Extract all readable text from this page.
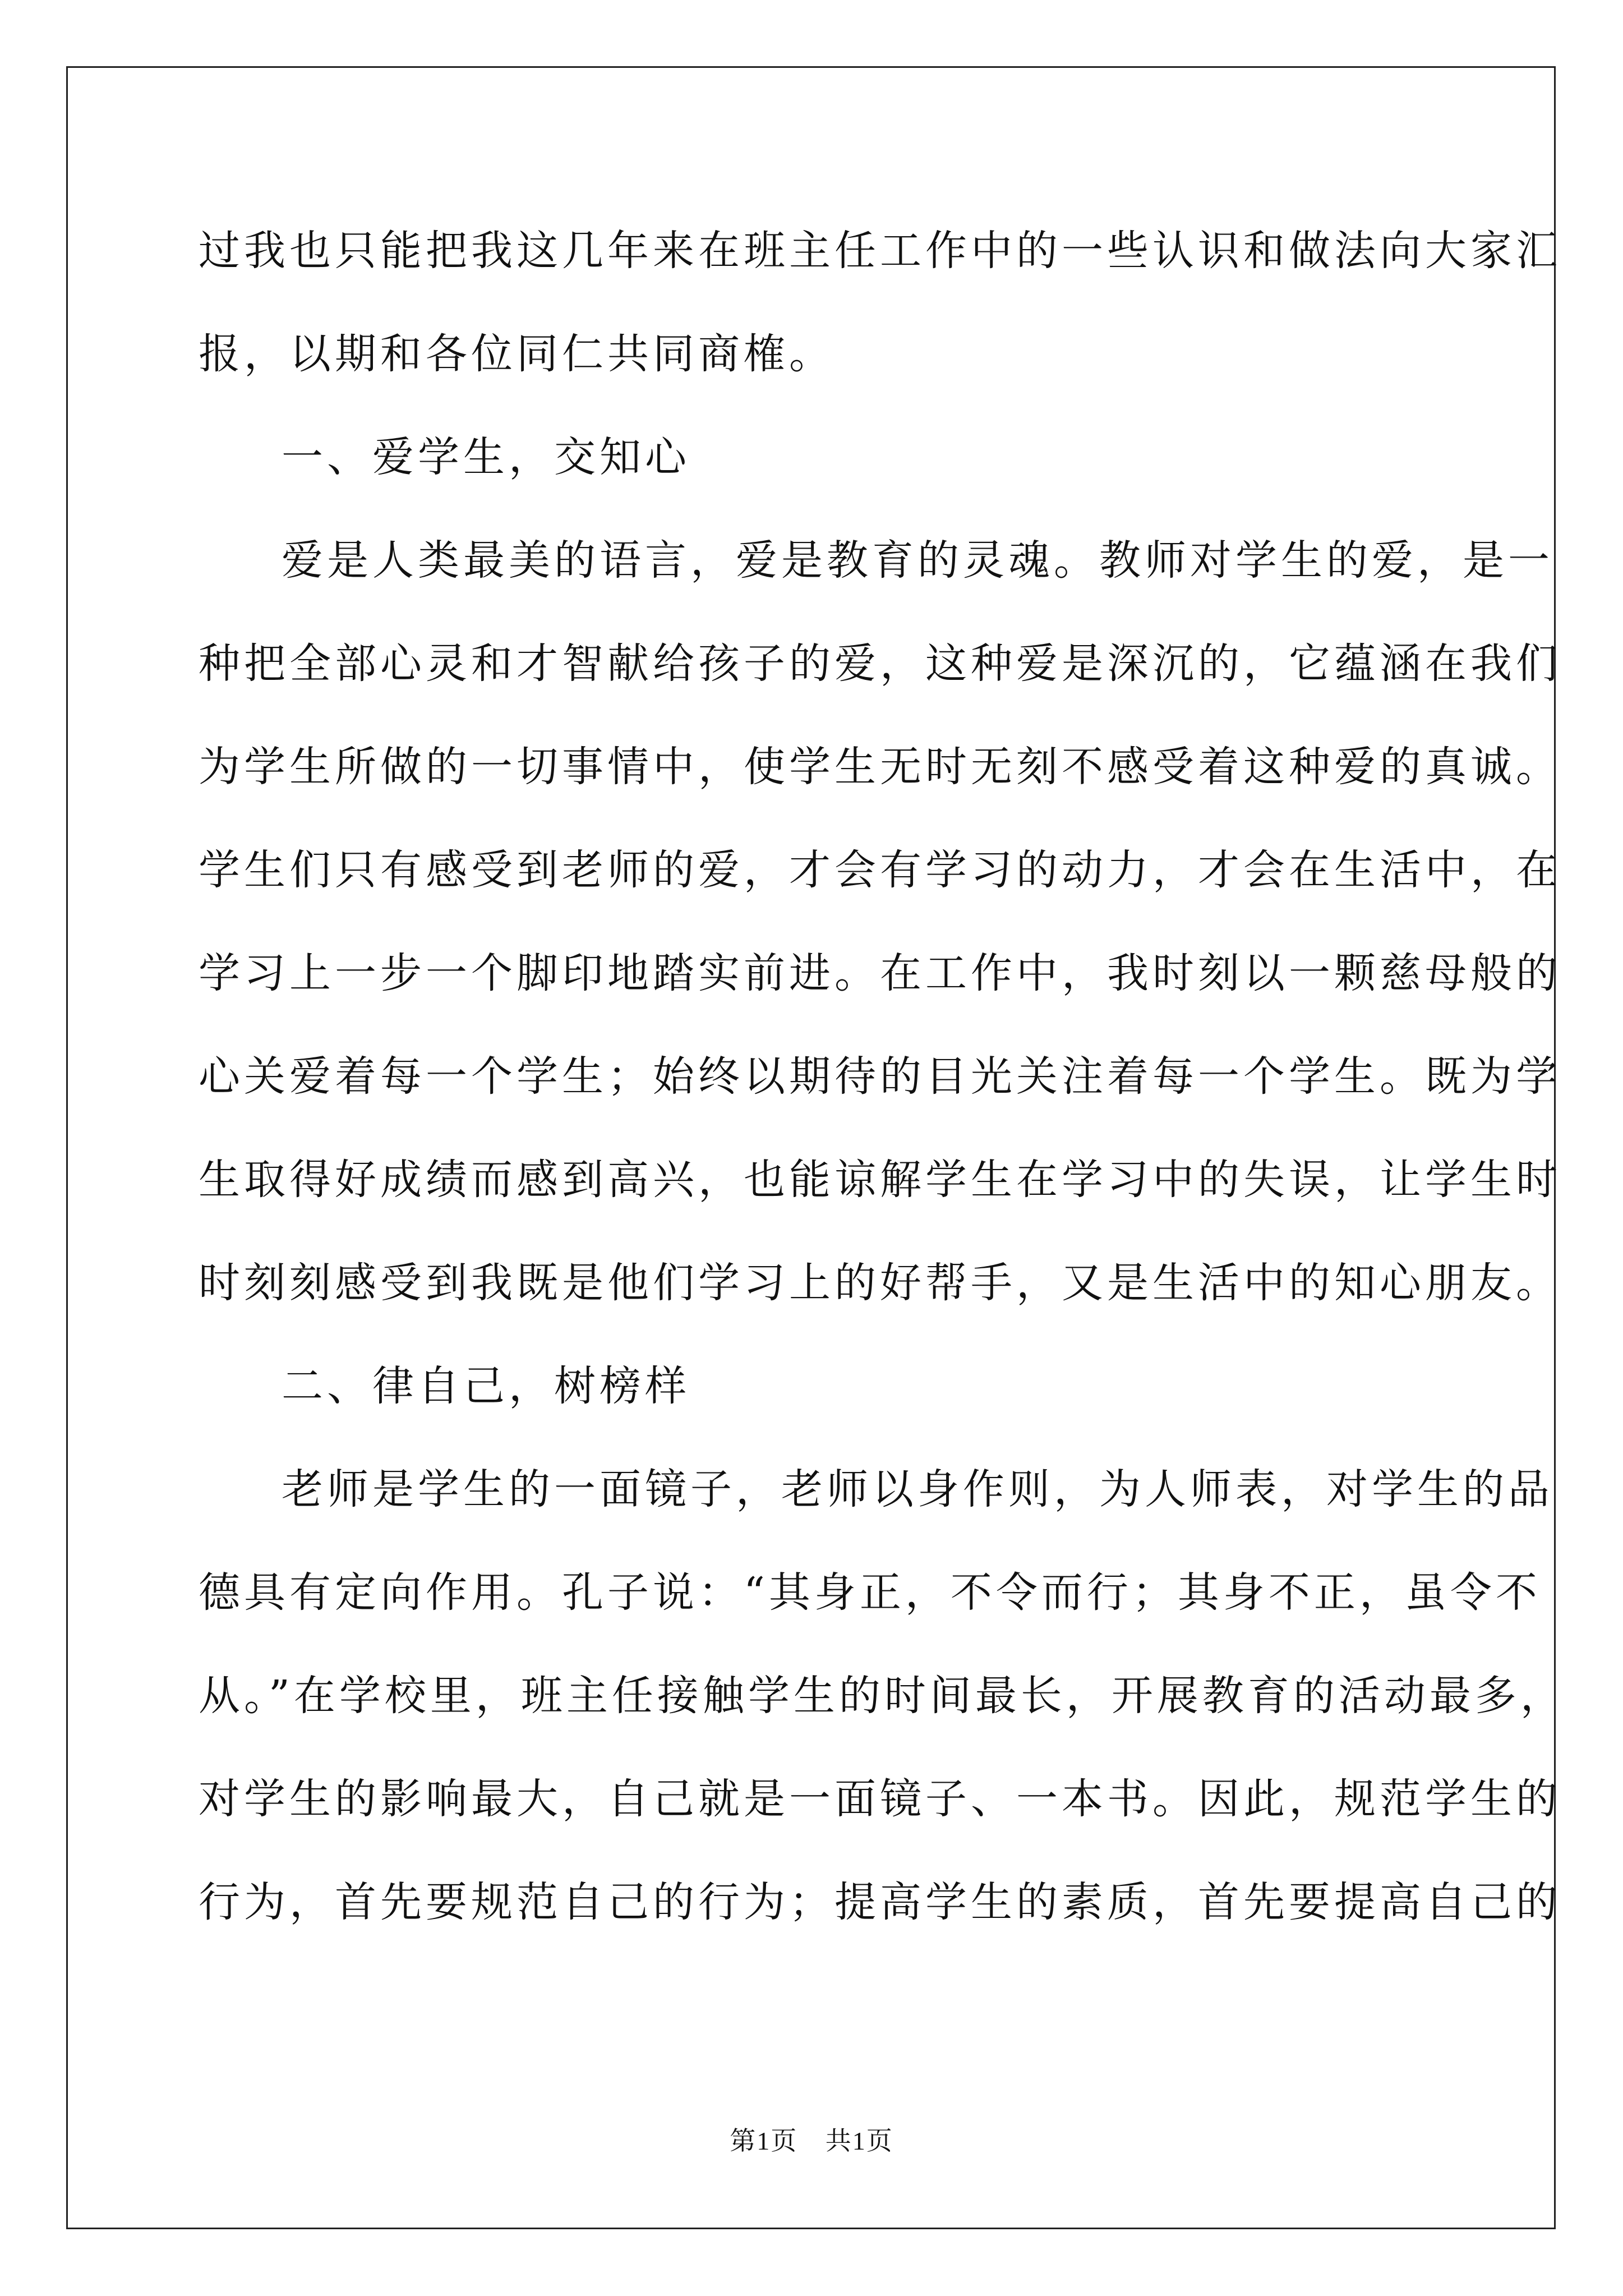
过我也只能把我这几年来在班主任工作中的一些认识和做法向大家汇
报，以期和各位同仁共同商榷。
一、爱学生，交知心
爱是人类最美的语言，爱是教育的灵魂。教师对学生的爱，是一
种把全部心灵和才智献给孩子的爱，这种爱是深沉的，它蕴涵在我们
为学生所做的一切事情中，使学生无时无刻不感受着这种爱的真诚。
学生们只有感受到老师的爱，才会有学习的动力，才会在生活中，在
学习上一步一个脚印地踏实前进。在工作中，我时刻以一颗慈母般的
心关爱着每一个学生；始终以期待的目光关注着每一个学生。既为学
生取得好成绩而感到高兴，也能谅解学生在学习中的失误，让学生时
时刻刻感受到我既是他们学习上的好帮手，又是生活中的知心朋友。
二、律自己，树榜样
老师是学生的一面镜子，老师以身作则，为人师表，对学生的品
德具有定向作用。孔子说：“其身正，不令而行；其身不正，虽令不
从。”在学校里，班主任接触学生的时间最长，开展教育的活动最多，
对学生的影响最大，自己就是一面镜子、一本书。因此，规范学生的
行为，首先要规范自己的行为；提高学生的素质，首先要提高自己的
第1页 共1页
